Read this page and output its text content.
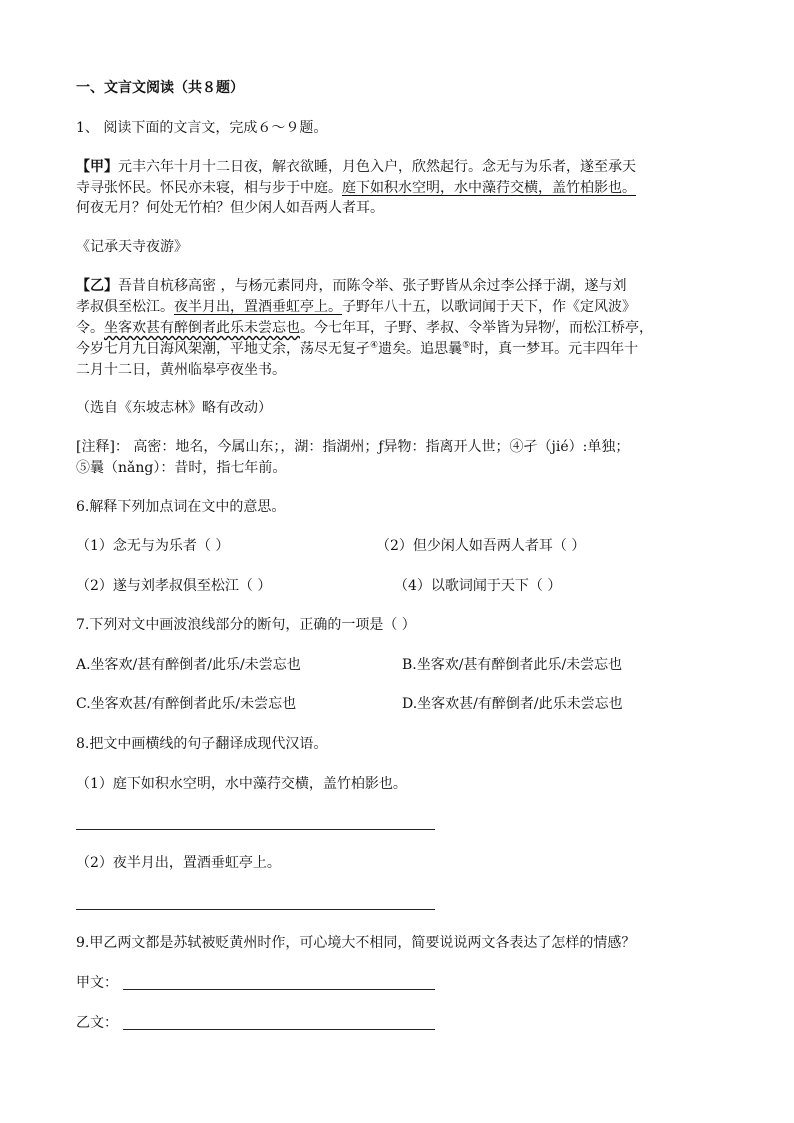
一、文言文阅读（共８题）
1、 阅读下面的文言文，完成６～９题。
【甲】元丰六年十月十二日夜，解衣欲睡，月色入户，欣然起行。念无与为乐者，遂至承天
寺寻张怀民。怀民亦未寝，相与步于中庭。庭下如积水空明，水中藻荇交横，盖竹柏影也。
何夜无月？何处无竹柏？但少闲人如吾两人者耳。
《记承天寺夜游》
【乙】吾昔自杭移高密 ，与杨元素同舟，而陈令举、张子野皆从余过李公择于湖，遂与刘
孝叔俱至松江。夜半月出，置酒垂虹亭上。子野年八十五，以歌词闻于天下，作《定风波》
令。坐客欢甚有醉倒者此乐未尝忘也。今七年耳，子野、孝叔、令举皆为异物/，而松江桥亭，
今岁七月九日海风架潮，平地丈余，荡尽无复孑④遗矣。追思曩⑤时，真一梦耳。元丰四年十
二月十二日，黄州临皋亭夜坐书。
（选自《东坡志林》略有改动）
[注释]： 高密：地名，今属山东；，湖：指湖州；ƒ异物：指离开人世；④孑（jié）:单独；
⑤曩（nǎng）：昔时，指七年前。
6.解释下列加点词在文中的意思。
（1）念无与为乐者（ ）	（2）但少闲人如吾两人者耳（ ）
（2）遂与刘孝叔俱至松江（ ）	（4）以歌词闻于天下（ ）
7.下列对文中画波浪线部分的断句，正确的一项是（ ）
A.坐客欢/甚有醉倒者/此乐/未尝忘也	B.坐客欢/甚有醉倒者此乐/未尝忘也
C.坐客欢甚/有醉倒者此乐/未尝忘也	D.坐客欢甚/有醉倒者/此乐未尝忘也
8.把文中画横线的句子翻译成现代汉语。
（1）庭下如积水空明，水中藻荇交横，盖竹柏影也。
（2）夜半月出，置酒垂虹亭上。
9.甲乙两文都是苏轼被贬黄州时作，可心境大不相同，简要说说两文各表达了怎样的情感？
甲文：
乙文：
